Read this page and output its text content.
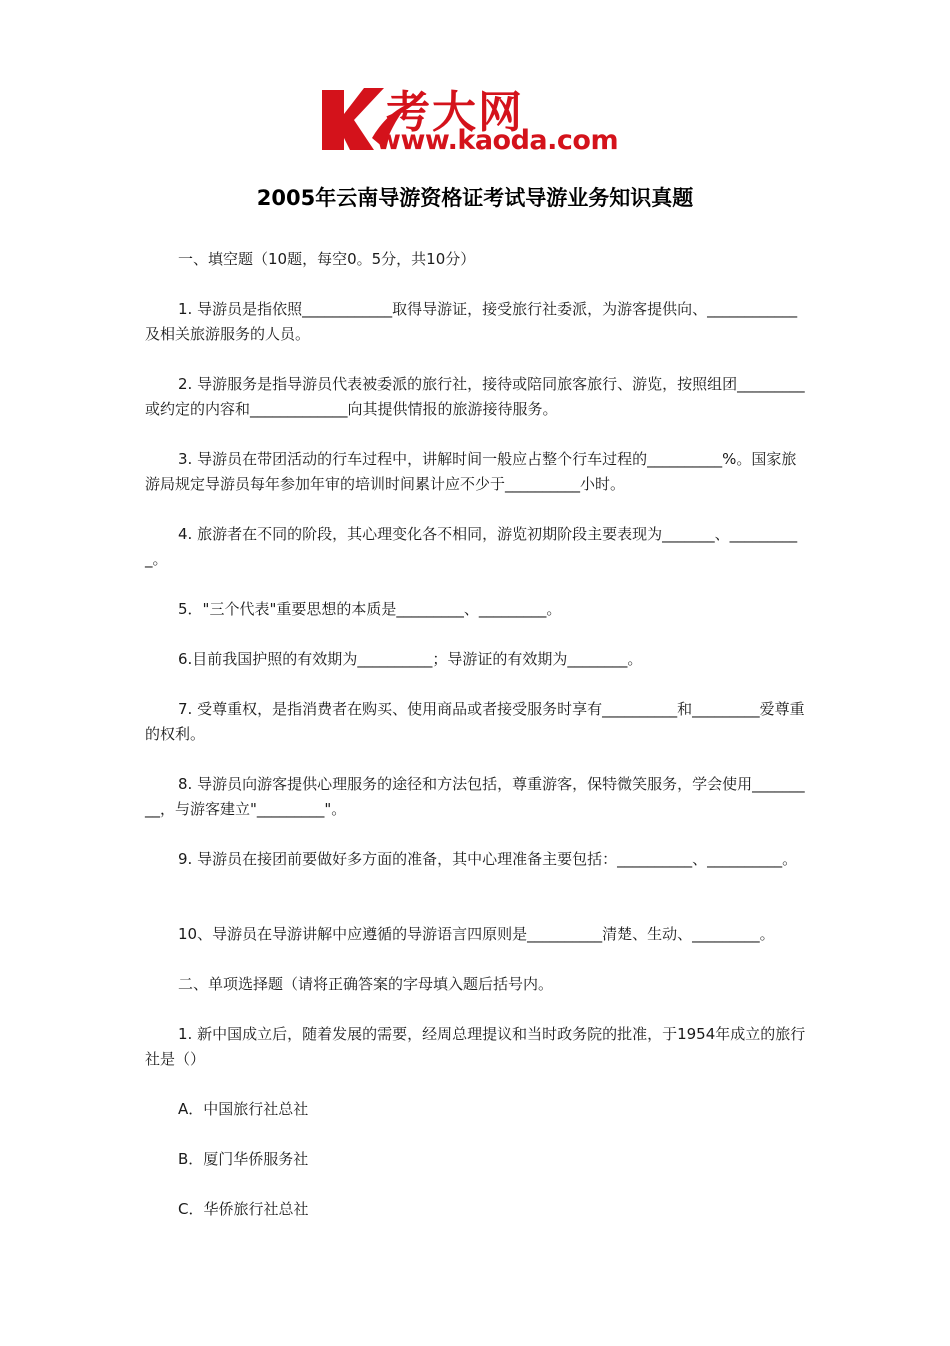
考大网
www.kaoda.com
2005年云南导游资格证考试导游业务知识真题
一、填空题（10题，每空0。5分，共10分）
1. 导游员是指依照____________取得导游证，接受旅行社委派，为游客提供向、____________及相关旅游服务的人员。
2. 导游服务是指导游员代表被委派的旅行社，接待或陪同旅客旅行、游览，按照组团_________或约定的内容和_____________向其提供情报的旅游接待服务。
3. 导游员在带团活动的行车过程中，讲解时间一般应占整个行车过程的__________%。国家旅游局规定导游员每年参加年审的培训时间累计应不少于__________小时。
4. 旅游者在不同的阶段，其心理变化各不相同，游览初期阶段主要表现为_______、__________。
5．"三个代表"重要思想的本质是_________、_________。
6.目前我国护照的有效期为__________；导游证的有效期为________。
7. 受尊重权，是指消费者在购买、使用商品或者接受服务时享有__________和_________爱尊重的权利。
8. 导游员向游客提供心理服务的途径和方法包括，尊重游客，保特微笑服务，学会使用_________，与游客建立"_________"。
9. 导游员在接团前要做好多方面的准备，其中心理准备主要包括：__________、__________。
10、导游员在导游讲解中应遵循的导游语言四原则是__________清楚、生动、_________。
二、单项选择题（请将正确答案的字母填入题后括号内。
1. 新中国成立后，随着发展的需要，经周总理提议和当时政务院的批准，于1954年成立的旅行社是（）
A．中国旅行社总社
B．厦门华侨服务社
C．华侨旅行社总社
